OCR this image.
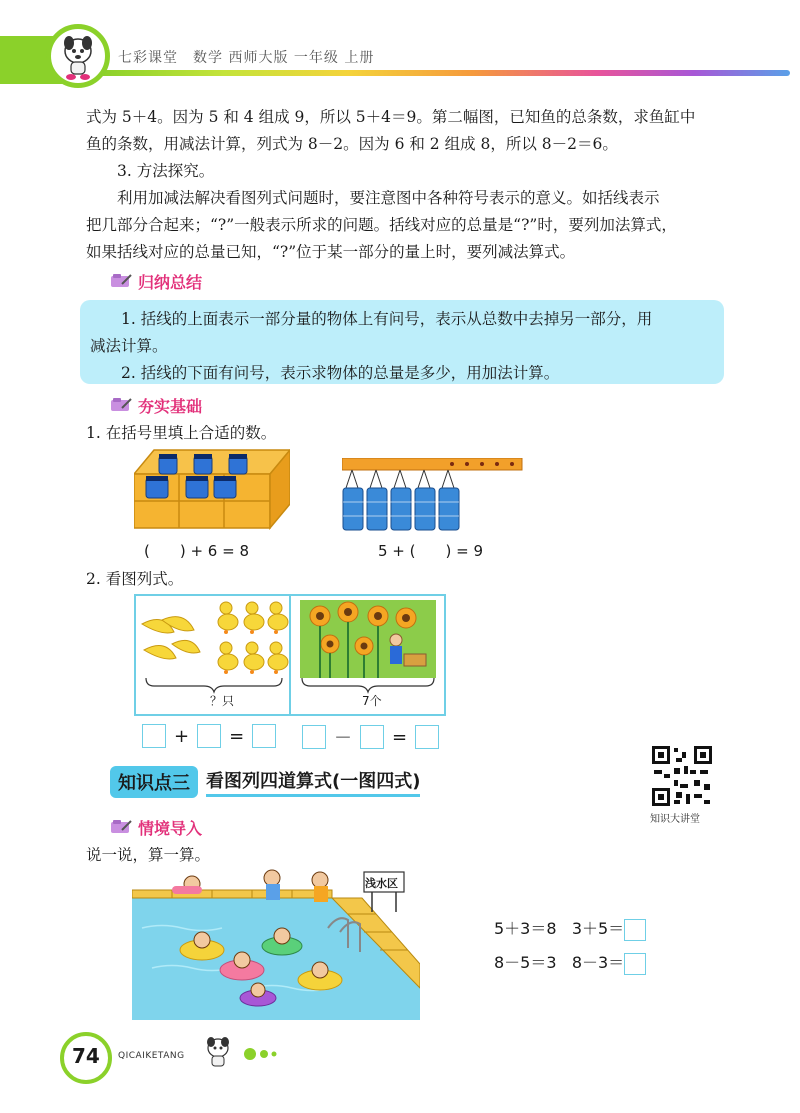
七彩课堂　数学 西师大版 一年级 上册

式为 5＋4。因为 5 和 4 组成 9，所以 5＋4＝9。第二幅图，已知鱼的总条数，求鱼缸中

鱼的条数，用减法计算，列式为 8－2。因为 6 和 2 组成 8，所以 8－2＝6。

3. 方法探究。

利用加减法解决看图列式问题时，要注意图中各种符号表示的意义。如括线表示

把几部分合起来；“?”一般表示所求的问题。括线对应的总量是“?”时，要列加法算式，

如果括线对应的总量已知，“?”位于某一部分的量上时，要列减法算式。

归纳总结

1. 括线的上面表示一部分量的物体上有问号，表示从总数中去掉另一部分，用

减法计算。

2. 括线的下面有问号，表示求物体的总量是多少，用加法计算。

夯实基础
1. 在括号里填上合适的数。
(　　) + 6 = 8	5 + (　　) = 9
2. 看图列式。
？只	7个
+ =	－ =
知识点三 看图列四道算式(一图四式)
知识大讲堂
情境导入
说一说，算一算。
5＋3＝8 3＋5＝
8－5＝3 8－3＝
74 QICAIKETANG
浅水区
